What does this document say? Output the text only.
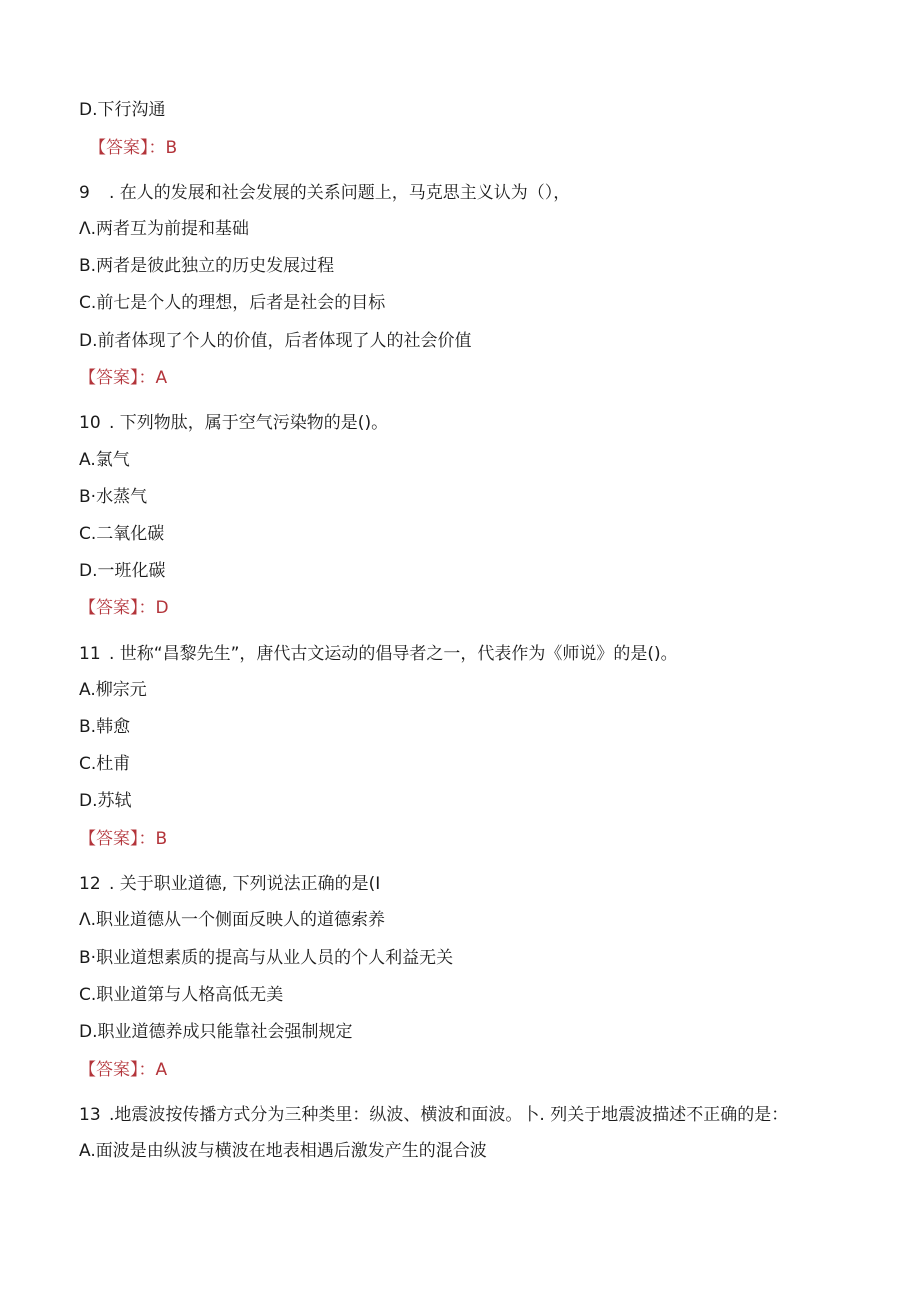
D.下行沟通
【答案】：B
9 . 在人的发展和社会发展的关系问题上，马克思主义认为（），
Λ.两者互为前提和基础
B.两者是彼此独立的历史发展过程
C.前七是个人的理想，后者是社会的目标
D.前者体现了个人的价值，后者体现了人的社会价值
【答案】：A
10 . 下列物肽，属于空气污染物的是()。
A.氯气
B·水蒸气
C.二氧化碳
D.一班化碳
【答案】：D
11 . 世称“昌黎先生”，唐代古文运动的倡导者之一，代表作为《师说》的是()。
A.柳宗元
B.韩愈
C.杜甫
D.苏轼
【答案】：B
12 . 关于职业道德, 下列说法正确的是(I
Λ.职业道德从一个侧面反映人的道德索养
B·职业道想素质的提高与从业人员的个人利益无关
C.职业道第与人格高低无美
D.职业道德养成只能靠社会强制规定
【答案】：A
13 .地震波按传播方式分为三种类里：纵波、横波和面波。卜. 列关于地震波描述不正确的是：
A.面波是由纵波与横波在地表相遇后激发产生的混合波
